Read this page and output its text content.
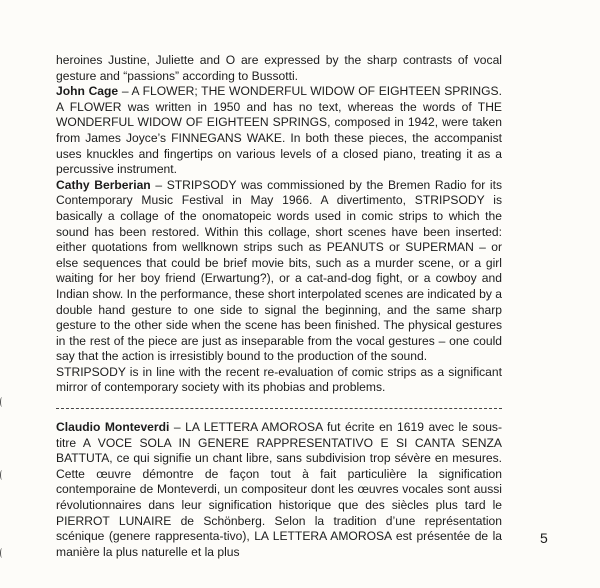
heroines Justine, Juliette and O are expressed by the sharp contrasts of vocal gesture and “passions” according to Bussotti.

John Cage – A FLOWER; THE WONDERFUL WIDOW OF EIGHTEEN SPRINGS. A FLOWER was written in 1950 and has no text, whereas the words of THE WONDERFUL WIDOW OF EIGHTEEN SPRINGS, composed in 1942, were taken from James Joyce’s FINNEGANS WAKE. In both these pieces, the accompanist uses knuckles and fingertips on various levels of a closed piano, treating it as a percussive instrument.

Cathy Berberian – STRIPSODY was commissioned by the Bremen Radio for its Contemporary Music Festival in May 1966. A divertimento, STRIPSODY is basically a collage of the onomatopeic words used in comic strips to which the sound has been restored. Within this collage, short scenes have been inserted: either quotations from wellknown strips such as PEANUTS or SUPERMAN – or else sequences that could be brief movie bits, such as a murder scene, or a girl waiting for her boy friend (Erwartung?), or a cat-and-dog fight, or a cowboy and Indian show. In the performance, these short interpolated scenes are indicated by a double hand gesture to one side to signal the beginning, and the same sharp gesture to the other side when the scene has been finished. The physical gestures in the rest of the piece are just as inseparable from the vocal gestures – one could say that the action is irresistibly bound to the production of the sound.

STRIPSODY is in line with the recent re-evaluation of comic strips as a significant mirror of contemporary society with its phobias and problems.

Claudio Monteverdi – LA LETTERA AMOROSA fut écrite en 1619 avec le sous-titre A VOCE SOLA IN GENERE RAPPRESENTATIVO E SI CANTA SENZA BATTUTA, ce qui signifie un chant libre, sans subdivision trop sévère en mesures. Cette œuvre démontre de façon tout à fait particulière la signification contemporaine de Monteverdi, un compositeur dont les œuvres vocales sont aussi révolutionnaires dans leur signification historique que des siècles plus tard le PIERROT LUNAIRE de Schönberg. Selon la tradition d’une représentation scénique (genere rappresenta-tivo), LA LETTERA AMOROSA est présentée de la manière la plus naturelle et la plus

5
